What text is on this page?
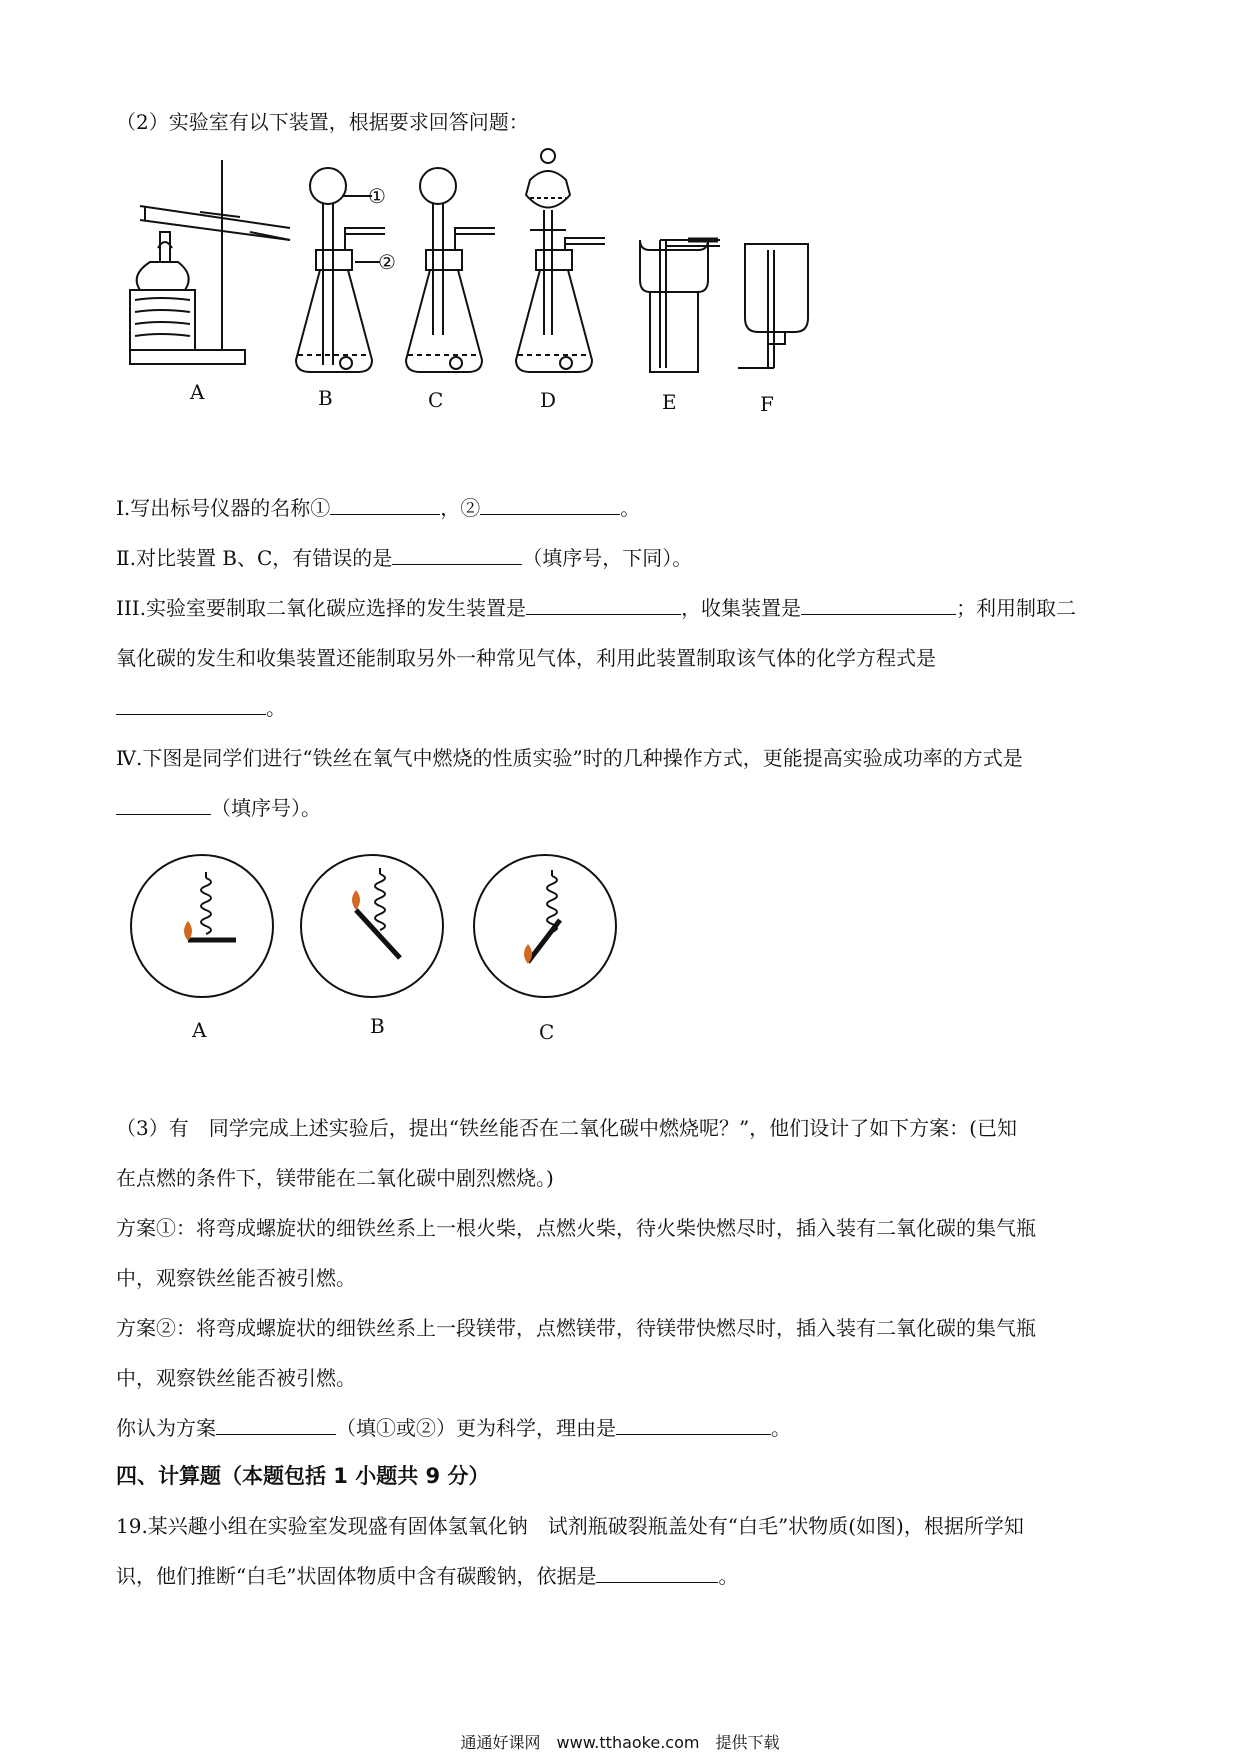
A	B	C	D	E	F
①
②
（2）实验室有以下装置，根据要求回答问题：
Ⅰ.写出标号仪器的名称①	，②	。
Ⅱ.对比装置 B、C，有错误的是	（填序号，下同）。
III.实验室要制取二氧化碳应选择的发生装置是	，收集装置是	；利用制取二
氧化碳的发生和收集装置还能制取另外一种常见气体，利用此装置制取该气体的化学方程式是
。
Ⅳ.下图是同学们进行“铁丝在氧气中燃烧的性质实验”时的几种操作方式，更能提高实验成功率的方式是
（填序号）。
A	B	C
（3）有　同学完成上述实验后，提出“铁丝能否在二氧化碳中燃烧呢？”，他们设计了如下方案：(已知
在点燃的条件下，镁带能在二氧化碳中剧烈燃烧。)
方案①：将弯成螺旋状的细铁丝系上一根火柴，点燃火柴，待火柴快燃尽时，插入装有二氧化碳的集气瓶
中，观察铁丝能否被引燃。
方案②：将弯成螺旋状的细铁丝系上一段镁带，点燃镁带，待镁带快燃尽时，插入装有二氧化碳的集气瓶
中，观察铁丝能否被引燃。
你认为方案	（填①或②）更为科学，理由是	。
四、计算题（本题包括 1 小题共 9 分）
19.某兴趣小组在实验室发现盛有固体氢氧化钠　试剂瓶破裂瓶盖处有“白毛”状物质(如图)，根据所学知
识，他们推断“白毛”状固体物质中含有碳酸钠，依据是	。
通通好课网　www.tthaoke.com　提供下载
